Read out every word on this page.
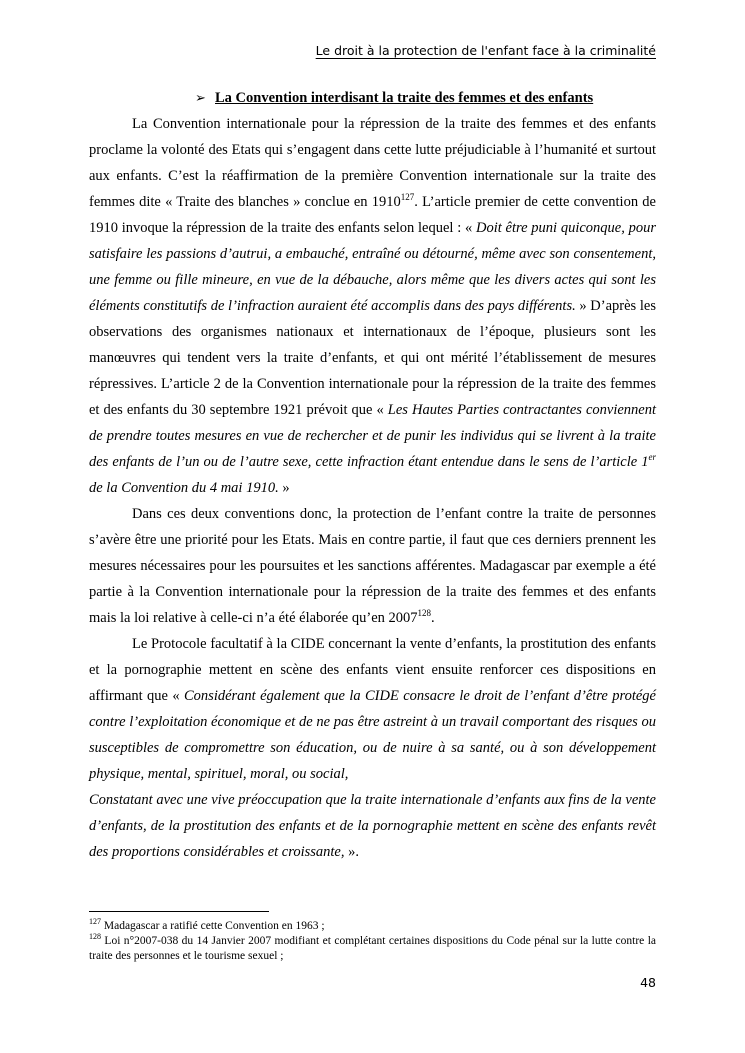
Le droit à la protection de l'enfant face à la criminalité
➢ La Convention interdisant la traite des femmes et des enfants

La Convention internationale pour la répression de la traite des femmes et des enfants proclame la volonté des Etats qui s’engagent dans cette lutte préjudiciable à l’humanité et surtout aux enfants. C’est la réaffirmation de la première Convention internationale sur la traite des femmes dite « Traite des blanches » conclue en 1910$^{127}$. L’article premier de cette convention de 1910 invoque la répression de la traite des enfants selon lequel : « Doit être puni quiconque, pour satisfaire les passions d’autrui, a embauché, entraîné ou détourné, même avec son consentement, une femme ou fille mineure, en vue de la débauche, alors même que les divers actes qui sont les éléments constitutifs de l’infraction auraient été accomplis dans des pays différents. » D’après les observations des organismes nationaux et internationaux de l’époque, plusieurs sont les manœuvres qui tendent vers la traite d’enfants, et qui ont mérité l’établissement de mesures répressives. L’article 2 de la Convention internationale pour la répression de la traite des femmes et des enfants du 30 septembre 1921 prévoit que « Les Hautes Parties contractantes conviennent de prendre toutes mesures en vue de rechercher et de punir les individus qui se livrent à la traite des enfants de l’un ou de l’autre sexe, cette infraction étant entendue dans le sens de l’article 1er de la Convention du 4 mai 1910. »

Dans ces deux conventions donc, la protection de l’enfant contre la traite de personnes s’avère être une priorité pour les Etats. Mais en contre partie, il faut que ces derniers prennent les mesures nécessaires pour les poursuites et les sanctions afférentes. Madagascar par exemple a été partie à la Convention internationale pour la répression de la traite des femmes et des enfants mais la loi relative à celle-ci n’a été élaborée qu’en 2007$^{128}$.

Le Protocole facultatif à la CIDE concernant la vente d’enfants, la prostitution des enfants et la pornographie mettent en scène des enfants vient ensuite renforcer ces dispositions en affirmant que « Considérant également que la CIDE consacre le droit de l’enfant d’être protégé contre l’exploitation économique et de ne pas être astreint à un travail comportant des risques ou susceptibles de compromettre son éducation, ou de nuire à sa santé, ou à son développement physique, mental, spirituel, moral, ou social,

Constatant avec une vive préoccupation que la traite internationale d’enfants aux fins de la vente d’enfants, de la prostitution des enfants et de la pornographie mettent en scène des enfants revêt des proportions considérables et croissante, ».

$^{127}$ Madagascar a ratifié cette Convention en 1963 ;

$^{128}$ Loi n°2007-038 du 14 Janvier 2007 modifiant et complétant certaines dispositions du Code pénal sur la lutte contre la traite des personnes et le tourisme sexuel ;

48
